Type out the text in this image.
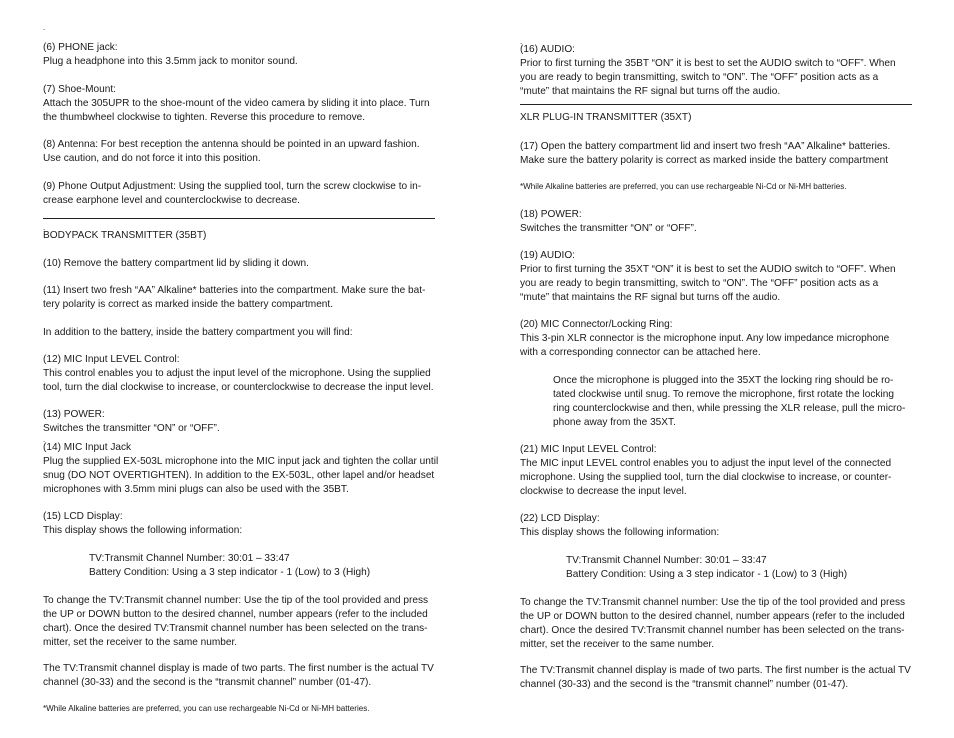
.
(6) PHONE jack:
Plug a headphone into this 3.5mm jack to monitor sound.
(7) Shoe-Mount:
Attach the 305UPR to the shoe-mount of the video camera by sliding it into place. Turn
the thumbwheel clockwise to tighten. Reverse this procedure to remove.
(8) Antenna: For best reception the antenna should be pointed in an upward fashion.
Use caution, and do not force it into this position.
(9) Phone Output Adjustment: Using the supplied tool, turn the screw clockwise to in-
crease earphone level and counterclockwise to decrease.
.
BODYPACK TRANSMITTER (35BT)
(10) Remove the battery compartment lid by sliding it down.
(11) Insert two fresh “AA” Alkaline* batteries into the compartment. Make sure the bat-
tery polarity is correct as marked inside the battery compartment.
In addition to the battery, inside the battery compartment you will find:
(12) MIC Input LEVEL Control:
This control enables you to adjust the input level of the microphone. Using the supplied
tool, turn the dial clockwise to increase, or counterclockwise to decrease the input level.
(13) POWER:
Switches the transmitter “ON” or “OFF”.
.
(14) MIC Input Jack
Plug the supplied EX-503L microphone into the MIC input jack and tighten the collar until
snug (DO NOT OVERTIGHTEN). In addition to the EX-503L, other lapel and/or headset
microphones with 3.5mm mini plugs can also be used with the 35BT.
(15) LCD Display:
This display shows the following information:
TV:Transmit Channel Number: 30:01 – 33:47
Battery Condition: Using a 3 step indicator - 1 (Low) to 3 (High)
To change the TV:Transmit channel number: Use the tip of the tool provided and press
the UP or DOWN button to the desired channel, number appears (refer to the included
chart). Once the desired TV:Transmit channel number has been selected on the trans-
mitter, set the receiver to the same number.
The TV:Transmit channel display is made of two parts. The first number is the actual TV
channel (30-33) and the second is the “transmit channel” number (01-47).
*While Alkaline batteries are preferred, you can use rechargeable Ni-Cd or Ni-MH batteries.
.
(16) AUDIO:
Prior to first turning the 35BT “ON” it is best to set the AUDIO switch to “OFF”. When
you are ready to begin transmitting, switch to “ON”. The “OFF” position acts as a
“mute” that maintains the RF signal but turns off the audio.
XLR PLUG-IN TRANSMITTER (35XT)
(17) Open the battery compartment lid and insert two fresh “AA” Alkaline* batteries.
Make sure the battery polarity is correct as marked inside the battery compartment
*While Alkaline batteries are preferred, you can use rechargeable Ni-Cd or Ni-MH batteries.
(18) POWER:
Switches the transmitter “ON” or “OFF”.
(19) AUDIO:
Prior to first turning the 35XT “ON” it is best to set the AUDIO switch to “OFF”. When
you are ready to begin transmitting, switch to “ON”. The “OFF” position acts as a
“mute” that maintains the RF signal but turns off the audio.
(20) MIC Connector/Locking Ring:
This 3-pin XLR connector is the microphone input. Any low impedance microphone
with a corresponding connector can be attached here.
Once the microphone is plugged into the 35XT the locking ring should be ro-
tated clockwise until snug. To remove the microphone, first rotate the locking
ring counterclockwise and then, while pressing the XLR release, pull the micro-
phone away from the 35XT.
(21) MIC Input LEVEL Control:
The MIC input LEVEL control enables you to adjust the input level of the connected
microphone. Using the supplied tool, turn the dial clockwise to increase, or counter-
clockwise to decrease the input level.
(22) LCD Display:
This display shows the following information:
TV:Transmit Channel Number: 30:01 – 33:47
Battery Condition: Using a 3 step indicator - 1 (Low) to 3 (High)
To change the TV:Transmit channel number: Use the tip of the tool provided and press
the UP or DOWN button to the desired channel, number appears (refer to the included
chart). Once the desired TV:Transmit channel number has been selected on the trans-
mitter, set the receiver to the same number.
The TV:Transmit channel display is made of two parts. The first number is the actual TV
channel (30-33) and the second is the “transmit channel” number (01-47).
